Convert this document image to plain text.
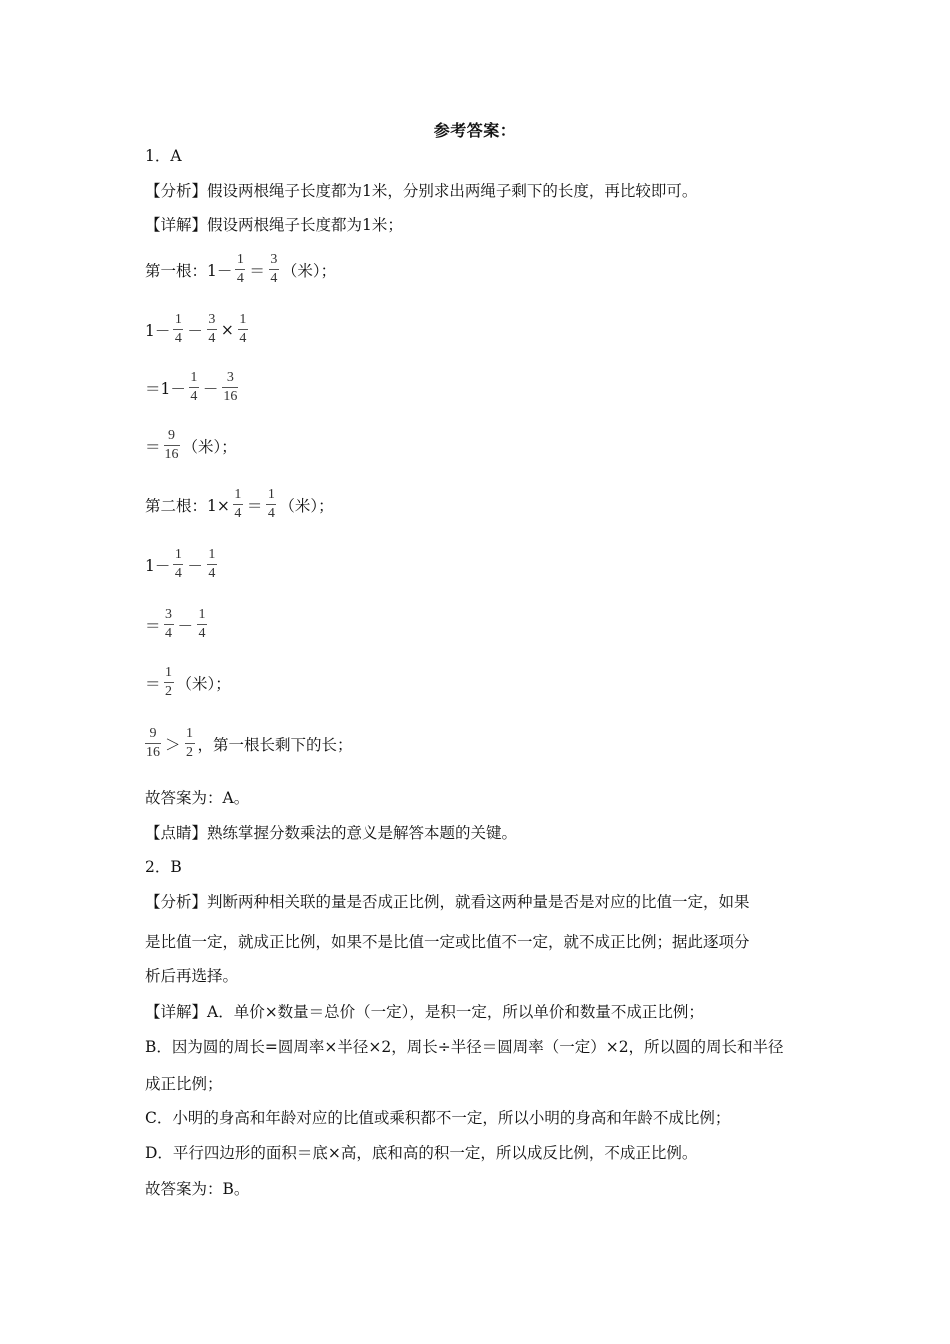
参考答案：
1．A
【分析】假设两根绳子长度都为1米，分别求出两绳子剩下的长度，再比较即可。
【详解】假设两根绳子长度都为1米；
第一根：$1- \frac{1}{4} = \frac{3}{4}$ （米）；
$1- \frac{1}{4} - \frac{3}{4} \times \frac{1}{4}$
$=1- \frac{1}{4} - \frac{3}{16}$
＝ $\frac{9}{16}$ （米）；
第二根：$1\times \frac{1}{4} = \frac{1}{4}$ （米）；
$1- \frac{1}{4} - \frac{1}{4}$
＝ $\frac{3}{4} - \frac{1}{4}$
＝ $\frac{1}{2}$ （米）；
$\frac{9}{16} > \frac{1}{2}$ ，第一根长剩下的长；
故答案为：A。
【点睛】熟练掌握分数乘法的意义是解答本题的关键。
2．B
【分析】判断两种相关联的量是否成正比例，就看这两种量是否是对应的比值一定，如果
是比值一定，就成正比例，如果不是比值一定或比值不一定，就不成正比例；据此逐项分
析后再选择。
【详解】A．单价×数量＝总价（一定），是积一定，所以单价和数量不成正比例；
B．因为圆的周长=圆周率×半径×2，周长÷半径＝圆周率（一定）×2，所以圆的周长和半径
成正比例；
C．小明的身高和年龄对应的比值或乘积都不一定，所以小明的身高和年龄不成比例；
D．平行四边形的面积＝底×高，底和高的积一定，所以成反比例，不成正比例。
故答案为：B。
